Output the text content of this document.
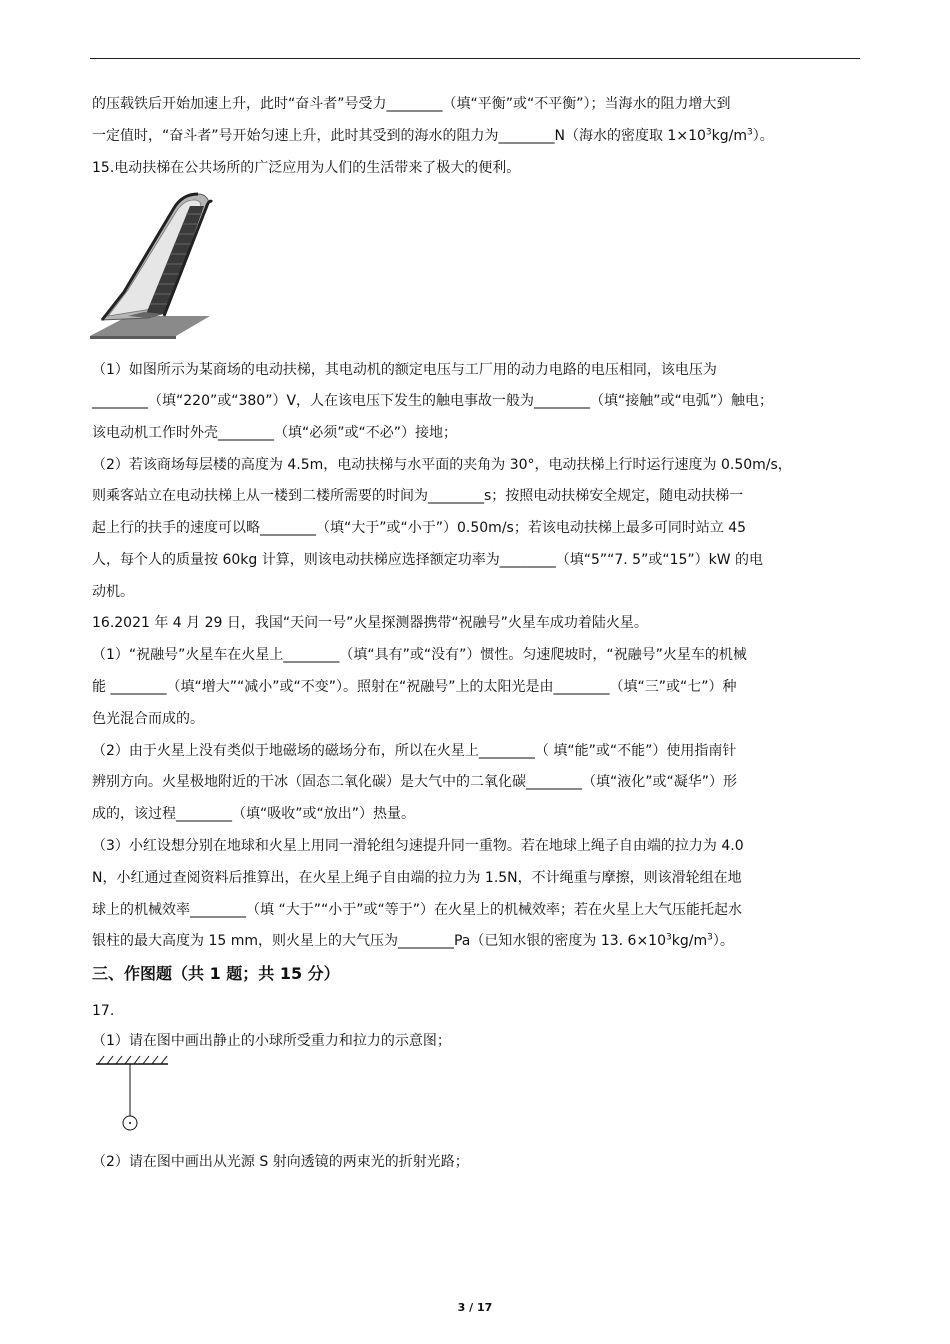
的压载铁后开始加速上升，此时“奋斗者”号受力________（填“平衡”或“不平衡”）；当海水的阻力增大到
一定值时，“奋斗者”号开始匀速上升，此时其受到的海水的阻力为________N（海水的密度取 $1\times 10^3kg/m^3$）。
15.电动扶梯在公共场所的广泛应用为人们的生活带来了极大的便利。
（1）如图所示为某商场的电动扶梯，其电动机的额定电压与工厂用的动力电路的电压相同，该电压为
________（填“220”或“380”）V，人在该电压下发生的触电事故一般为________（填“接触”或“电弧”）触电；
该电动机工作时外壳________（填“必须”或“不必”）接地；
（2）若该商场每层楼的高度为 4.5m，电动扶梯与水平面的夹角为 30°，电动扶梯上行时运行速度为 0.50m/s，
则乘客站立在电动扶梯上从一楼到二楼所需要的时间为________s；按照电动扶梯安全规定，随电动扶梯一
起上行的扶手的速度可以略________（填“大于”或“小于”）0.50m/s；若该电动扶梯上最多可同时站立 45
人，每个人的质量按 60kg 计算，则该电动扶梯应选择额定功率为________（填“5”“7. 5”或“15”）kW 的电
动机。
16.2021 年 4 月 29 日，我国“天问一号”火星探测器携带“祝融号”火星车成功着陆火星。
（1）“祝融号”火星车在火星上________（填“具有”或“没有”）惯性。匀速爬坡时，“祝融号”火星车的机械
能 ________（填“增大”“减小”或“不变”）。照射在“祝融号”上的太阳光是由________（填“三”或“七”）种
色光混合而成的。
（2）由于火星上没有类似于地磁场的磁场分布，所以在火星上________（ 填“能”或“不能”）使用指南针
辨别方向。火星极地附近的干冰（固态二氧化碳）是大气中的二氧化碳________（填“液化”或“凝华”）形
成的，该过程________（填“吸收”或“放出”）热量。
（3）小红设想分别在地球和火星上用同一滑轮组匀速提升同一重物。若在地球上绳子自由端的拉力为 4.0
N，小红通过查阅资料后推算出，在火星上绳子自由端的拉力为 1.5N，不计绳重与摩擦，则该滑轮组在地
球上的机械效率________（填 “大于”“小于”或“等于”）在火星上的机械效率；若在火星上大气压能托起水
银柱的最大高度为 15 mm，则火星上的大气压为________Pa（已知水银的密度为 13. $6\times 10^3kg/m^3$）。
三、作图题（共 1 题；共 15 分）
17.
（1）请在图中画出静止的小球所受重力和拉力的示意图；
（2）请在图中画出从光源 S 射向透镜的两束光的折射光路；
3 / 17
